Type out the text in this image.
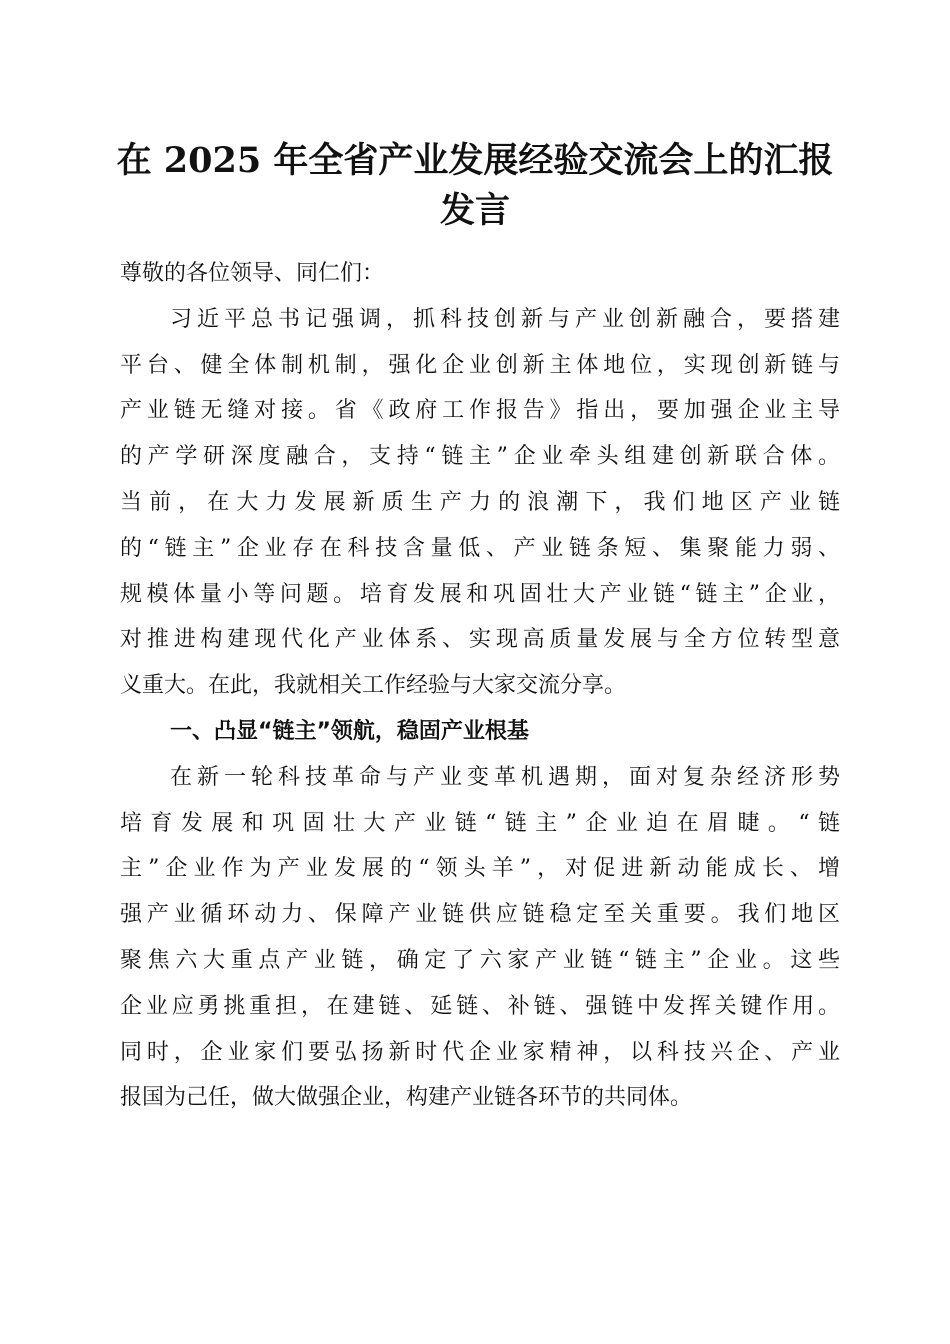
在 2025 年全省产业发展经验交流会上的汇报
发言
尊敬的各位领导、同仁们：
习近平总书记强调，抓科技创新与产业创新融合，要搭建
平台、健全体制机制，强化企业创新主体地位，实现创新链与
产业链无缝对接。省《政府工作报告》指出，要加强企业主导
的产学研深度融合，支持“链主”企业牵头组建创新联合体。
当前，在大力发展新质生产力的浪潮下，我们地区产业链
的“链主”企业存在科技含量低、产业链条短、集聚能力弱、
规模体量小等问题。培育发展和巩固壮大产业链“链主”企业，
对推进构建现代化产业体系、实现高质量发展与全方位转型意
义重大。在此，我就相关工作经验与大家交流分享。
一、凸显“链主”领航，稳固产业根基
在新一轮科技革命与产业变革机遇期，面对复杂经济形势
培育发展和巩固壮大产业链“链主”企业迫在眉睫。“链
主”企业作为产业发展的“领头羊”，对促进新动能成长、增
强产业循环动力、保障产业链供应链稳定至关重要。我们地区
聚焦六大重点产业链，确定了六家产业链“链主”企业。这些
企业应勇挑重担，在建链、延链、补链、强链中发挥关键作用。
同时，企业家们要弘扬新时代企业家精神，以科技兴企、产业
报国为己任，做大做强企业，构建产业链各环节的共同体。
